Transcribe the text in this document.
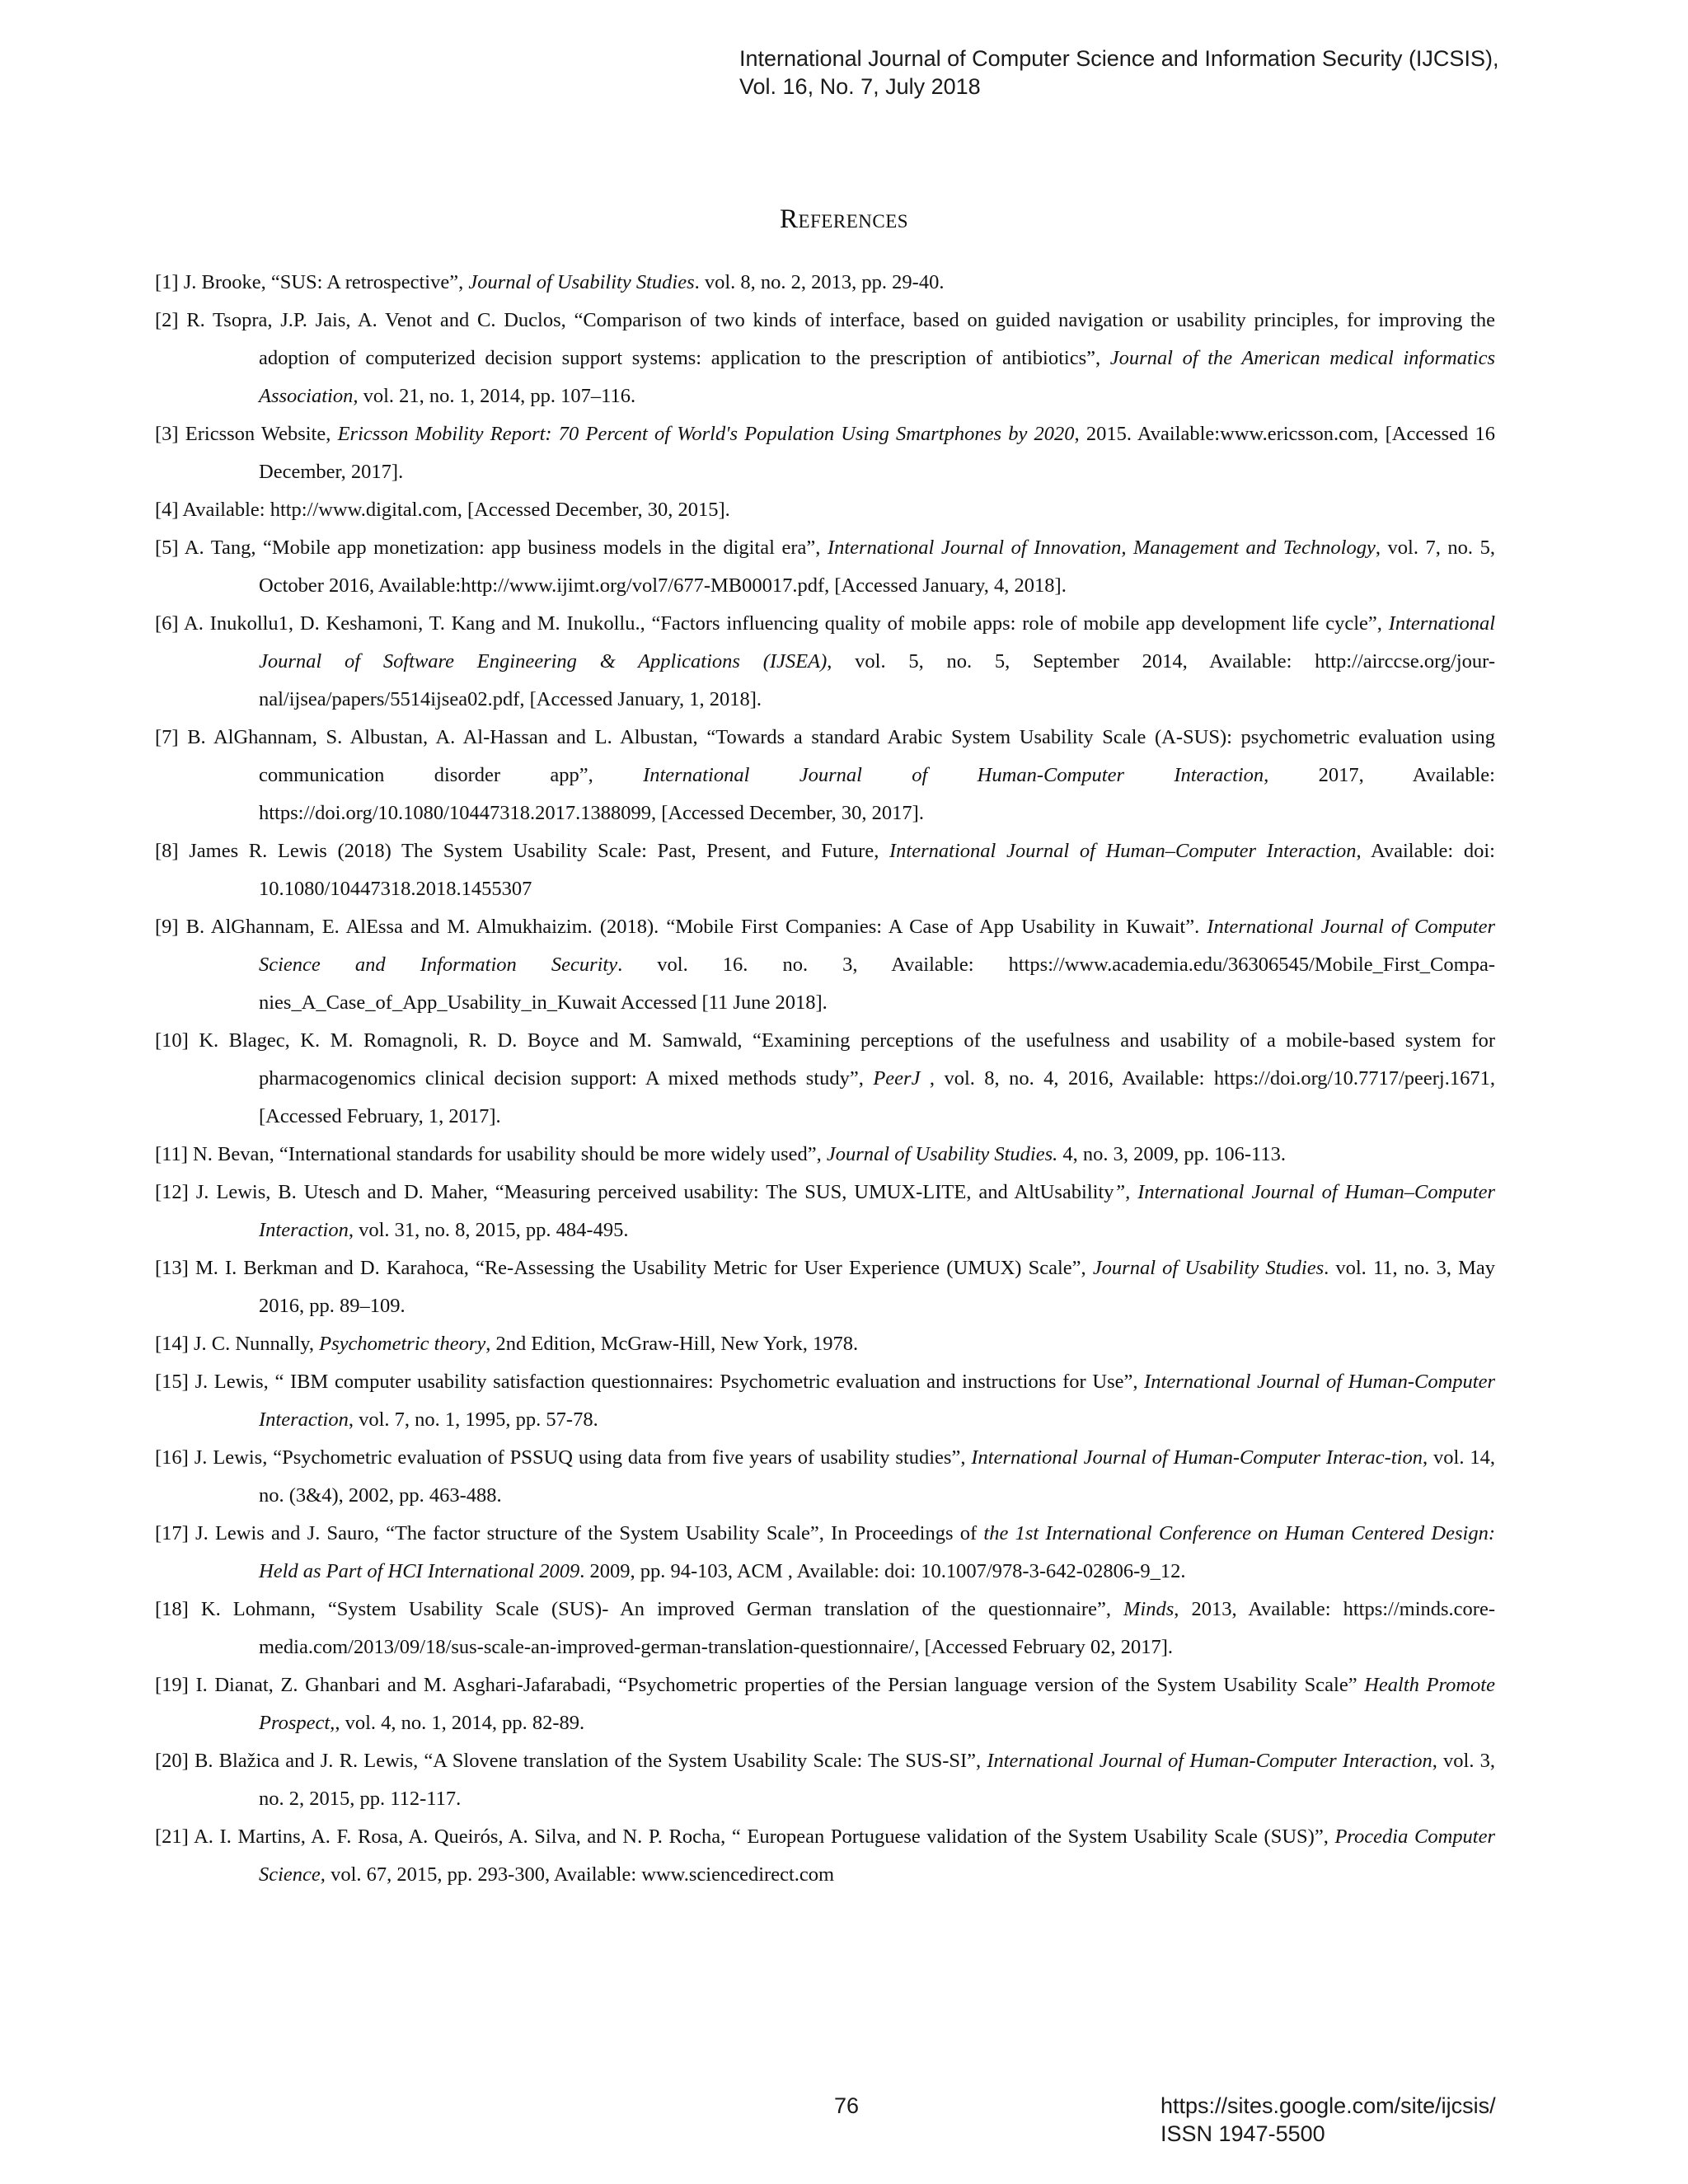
International Journal of Computer Science and Information Security (IJCSIS),
Vol. 16, No. 7, July 2018
References
[1] J. Brooke, “SUS: A retrospective”, Journal of Usability Studies. vol. 8, no. 2, 2013, pp. 29-40.
[2] R. Tsopra, J.P. Jais, A. Venot and C. Duclos, “Comparison of two kinds of interface, based on guided navigation or usability principles, for improving the adoption of computerized decision support systems: application to the prescription of antibiotics”, Journal of the American medical informatics Association, vol. 21, no. 1, 2014, pp. 107–116.
[3] Ericsson Website, Ericsson Mobility Report: 70 Percent of World's Population Using Smartphones by 2020, 2015. Available:www.ericsson.com, [Accessed 16 December, 2017].
[4] Available: http://www.digital.com, [Accessed December, 30, 2015].
[5] A. Tang, “Mobile app monetization: app business models in the digital era”, International Journal of Innovation, Management and Technology, vol. 7, no. 5, October 2016, Available:http://www.ijimt.org/vol7/677-MB00017.pdf, [Accessed January, 4, 2018].
[6] A. Inukollu1, D. Keshamoni, T. Kang and M. Inukollu., “Factors influencing quality of mobile apps: role of mobile app development life cycle”, International Journal of Software Engineering & Applications (IJSEA), vol. 5, no. 5, September 2014, Available: http://airccse.org/jour-nal/ijsea/papers/5514ijsea02.pdf, [Accessed January, 1, 2018].
[7] B. AlGhannam, S. Albustan, A. Al-Hassan and L. Albustan, “Towards a standard Arabic System Usability Scale (A-SUS): psychometric evaluation using communication disorder app”, International Journal of Human-Computer Interaction, 2017, Available: https://doi.org/10.1080/10447318.2017.1388099, [Accessed December, 30, 2017].
[8] James R. Lewis (2018) The System Usability Scale: Past, Present, and Future, International Journal of Human–Computer Interaction, Available: doi: 10.1080/10447318.2018.1455307
[9] B. AlGhannam, E. AlEssa and M. Almukhaizim. (2018). “Mobile First Companies: A Case of App Usability in Kuwait”. International Journal of Computer Science and Information Security. vol. 16. no. 3, Available: https://www.academia.edu/36306545/Mobile_First_Compa-nies_A_Case_of_App_Usability_in_Kuwait Accessed [11 June 2018].
[10] K. Blagec, K. M. Romagnoli, R. D. Boyce and M. Samwald, “Examining perceptions of the usefulness and usability of a mobile-based system for pharmacogenomics clinical decision support: A mixed methods study”, PeerJ , vol. 8, no. 4, 2016, Available: https://doi.org/10.7717/peerj.1671, [Accessed February, 1, 2017].
[11] N. Bevan, “International standards for usability should be more widely used”, Journal of Usability Studies. 4, no. 3, 2009, pp. 106-113.
[12] J. Lewis, B. Utesch and D. Maher, “Measuring perceived usability: The SUS, UMUX-LITE, and AltUsability”, International Journal of Human–Computer Interaction, vol. 31, no. 8, 2015, pp. 484-495.
[13] M. I. Berkman and D. Karahoca, “Re-Assessing the Usability Metric for User Experience (UMUX) Scale”, Journal of Usability Studies. vol. 11, no. 3, May 2016, pp. 89–109.
[14] J. C. Nunnally, Psychometric theory, 2nd Edition, McGraw-Hill, New York, 1978.
[15] J. Lewis, “ IBM computer usability satisfaction questionnaires: Psychometric evaluation and instructions for Use”, International Journal of Human-Computer Interaction, vol. 7, no. 1, 1995, pp. 57-78.
[16] J. Lewis, “Psychometric evaluation of PSSUQ using data from five years of usability studies”, International Journal of Human-Computer Interac-tion, vol. 14, no. (3&4), 2002, pp. 463-488.
[17] J. Lewis and J. Sauro, “The factor structure of the System Usability Scale”, In Proceedings of the 1st International Conference on Human Centered Design: Held as Part of HCI International 2009. 2009, pp. 94-103, ACM , Available: doi: 10.1007/978-3-642-02806-9_12.
[18] K. Lohmann, “System Usability Scale (SUS)- An improved German translation of the questionnaire”, Minds, 2013, Available: https://minds.core-media.com/2013/09/18/sus-scale-an-improved-german-translation-questionnaire/, [Accessed February 02, 2017].
[19] I. Dianat, Z. Ghanbari and M. Asghari-Jafarabadi, “Psychometric properties of the Persian language version of the System Usability Scale” Health Promote Prospect,, vol. 4, no. 1, 2014, pp. 82-89.
[20] B. Blažica and J. R. Lewis, “A Slovene translation of the System Usability Scale: The SUS-SI”, International Journal of Human-Computer Interaction, vol. 3, no. 2, 2015, pp. 112-117.
[21] A. I. Martins, A. F. Rosa, A. Queirós, A. Silva, and N. P. Rocha, “ European Portuguese validation of the System Usability Scale (SUS)”, Procedia Computer Science, vol. 67, 2015, pp. 293-300, Available: www.sciencedirect.com
76	https://sites.google.com/site/ijcsis/
ISSN 1947-5500
